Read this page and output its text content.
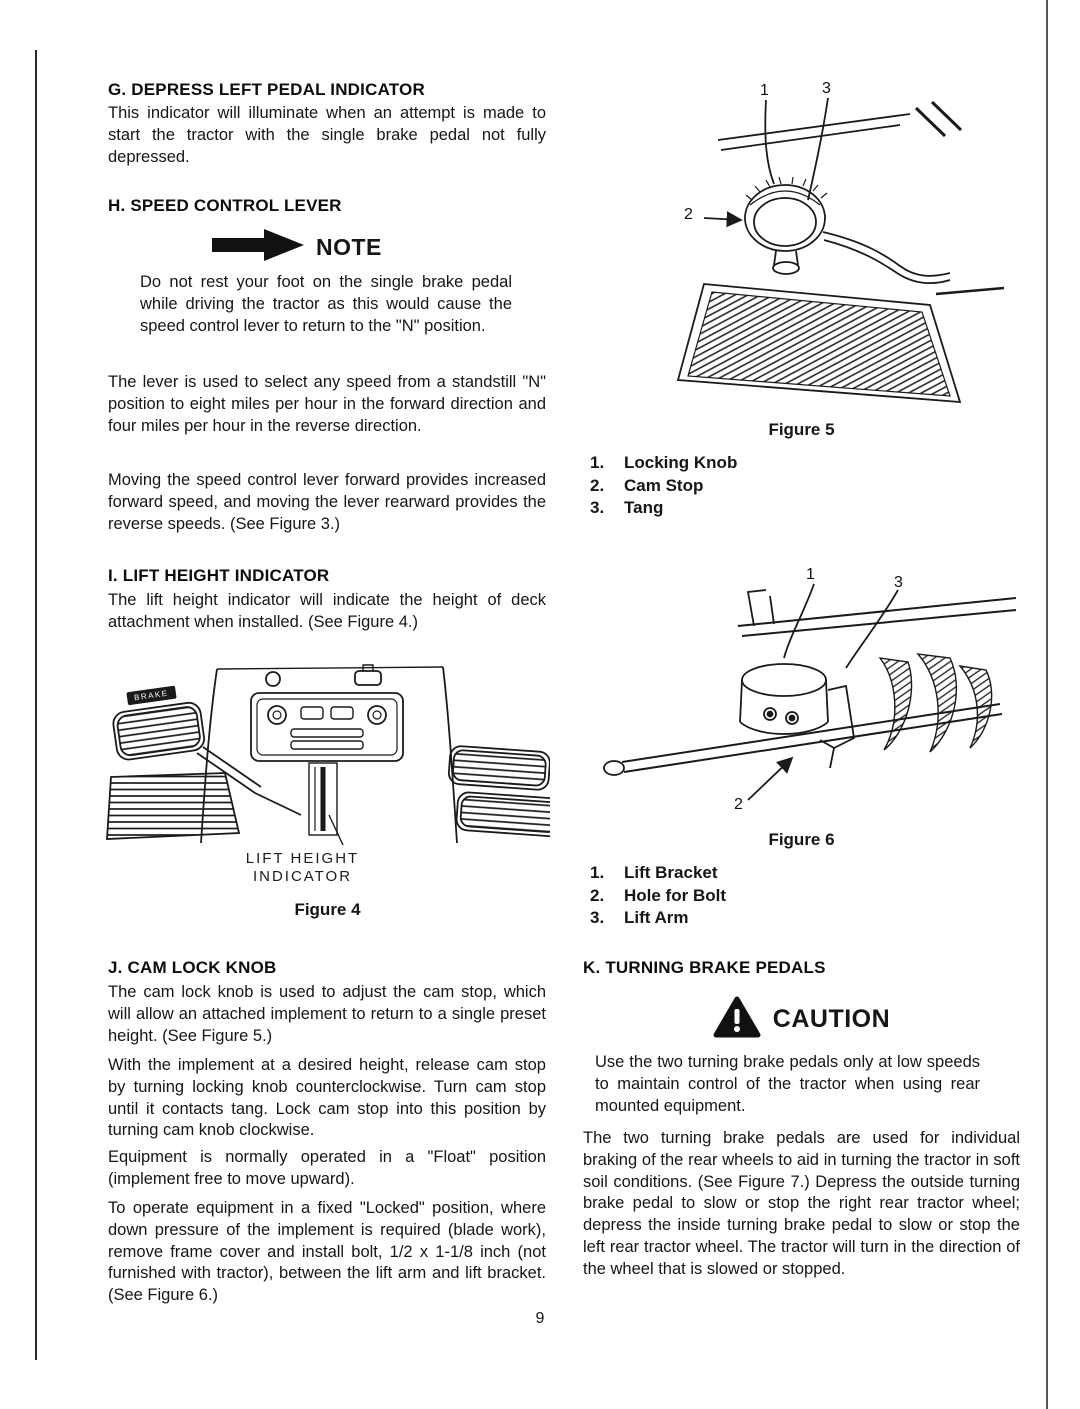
G. DEPRESS LEFT PEDAL INDICATOR
This indicator will illuminate when an attempt is made to start the tractor with the single brake pedal not fully depressed.
H. SPEED CONTROL LEVER
NOTE
Do not rest your foot on the single brake pedal while driving the tractor as this would cause the speed control lever to return to the "N" position.
The lever is used to select any speed from a standstill "N" position to eight miles per hour in the forward direction and four miles per hour in the reverse direction.
Moving the speed control lever forward provides increased forward speed, and moving the lever rearward provides the reverse speeds. (See Figure 3.)
I. LIFT HEIGHT INDICATOR
The lift height indicator will indicate the height of deck attachment when installed. (See Figure 4.)
BRAKE
LIFT HEIGHT
INDICATOR
Figure 4
J. CAM LOCK KNOB
The cam lock knob is used to adjust the cam stop, which will allow an attached implement to return to a single preset height. (See Figure 5.)
With the implement at a desired height, release cam stop by turning locking knob counterclockwise. Turn cam stop until it contacts tang. Lock cam stop into this position by turning cam knob clockwise.
Equipment is normally operated in a "Float" position (implement free to move upward).
To operate equipment in a fixed "Locked" position, where down pressure of the implement is required (blade work), remove frame cover and install bolt, 1/2 x 1-1/8 inch (not furnished with tractor), between the lift arm and lift bracket. (See Figure 6.)
1	3
2
Figure 5
1.	Locking Knob
2.	Cam Stop
3.	Tang
1	3
2
Figure 6
1.	Lift Bracket
2.	Hole for Bolt
3.	Lift Arm
K. TURNING BRAKE PEDALS
CAUTION
Use the two turning brake pedals only at low speeds to maintain control of the tractor when using rear mounted equipment.
The two turning brake pedals are used for individual braking of the rear wheels to aid in turning the tractor in soft soil conditions. (See Figure 7.) Depress the outside turning brake pedal to slow or stop the right rear tractor wheel; depress the inside turning brake pedal to slow or stop the left rear tractor wheel. The tractor will turn in the direction of the wheel that is slowed or stopped.
9
